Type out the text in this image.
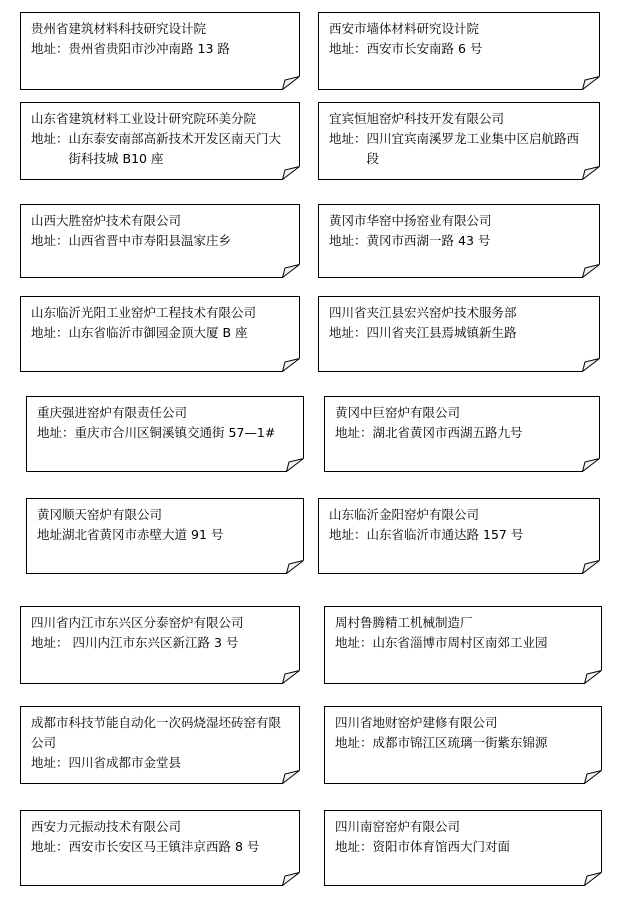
贵州省建筑材料科技研究设计院
地址： 贵州省贵阳市沙冲南路 13 路
西安市墙体材料研究设计院
地址： 西安市长安南路 6 号
山东省建筑材料工业设计研究院环美分院
地址： 山东泰安南部高新技术开发区南天门大街科技城 B10 座
宜宾恒旭窑炉科技开发有限公司
地址： 四川宜宾南溪罗龙工业集中区启航路西段
山西大胜窑炉技术有限公司
地址： 山西省晋中市寿阳县温家庄乡
黄冈市华窑中扬窑业有限公司
地址： 黄冈市西湖一路 43 号
山东临沂光阳工业窑炉工程技术有限公司
地址： 山东省临沂市御园金顶大厦 B 座
四川省夹江县宏兴窑炉技术服务部
地址： 四川省夹江县焉城镇新生路
重庆强进窑炉有限责任公司
地址： 重庆市合川区铜溪镇交通街 57—1#
黄冈中巨窑炉有限公司
地址： 湖北省黄冈市西湖五路九号
黄冈顺天窑炉有限公司
地址 湖北省黄冈市赤壁大道 91 号
山东临沂金阳窑炉有限公司
地址： 山东省临沂市通达路 157 号
四川省内江市东兴区分泰窑炉有限公司
地址： 四川内江市东兴区新江路 3 号
周村鲁腾精工机械制造厂
地址： 山东省淄博市周村区南郊工业园
成都市科技节能自动化一次码烧湿坯砖窑有限公司
地址： 四川省成都市金堂县
四川省地财窑炉建修有限公司
地址： 成都市锦江区琉璃一街紫东锦源
西安力元振动技术有限公司
地址： 西安市长安区马王镇沣京西路 8 号
四川南窑窑炉有限公司
地址： 资阳市体育馆西大门对面
